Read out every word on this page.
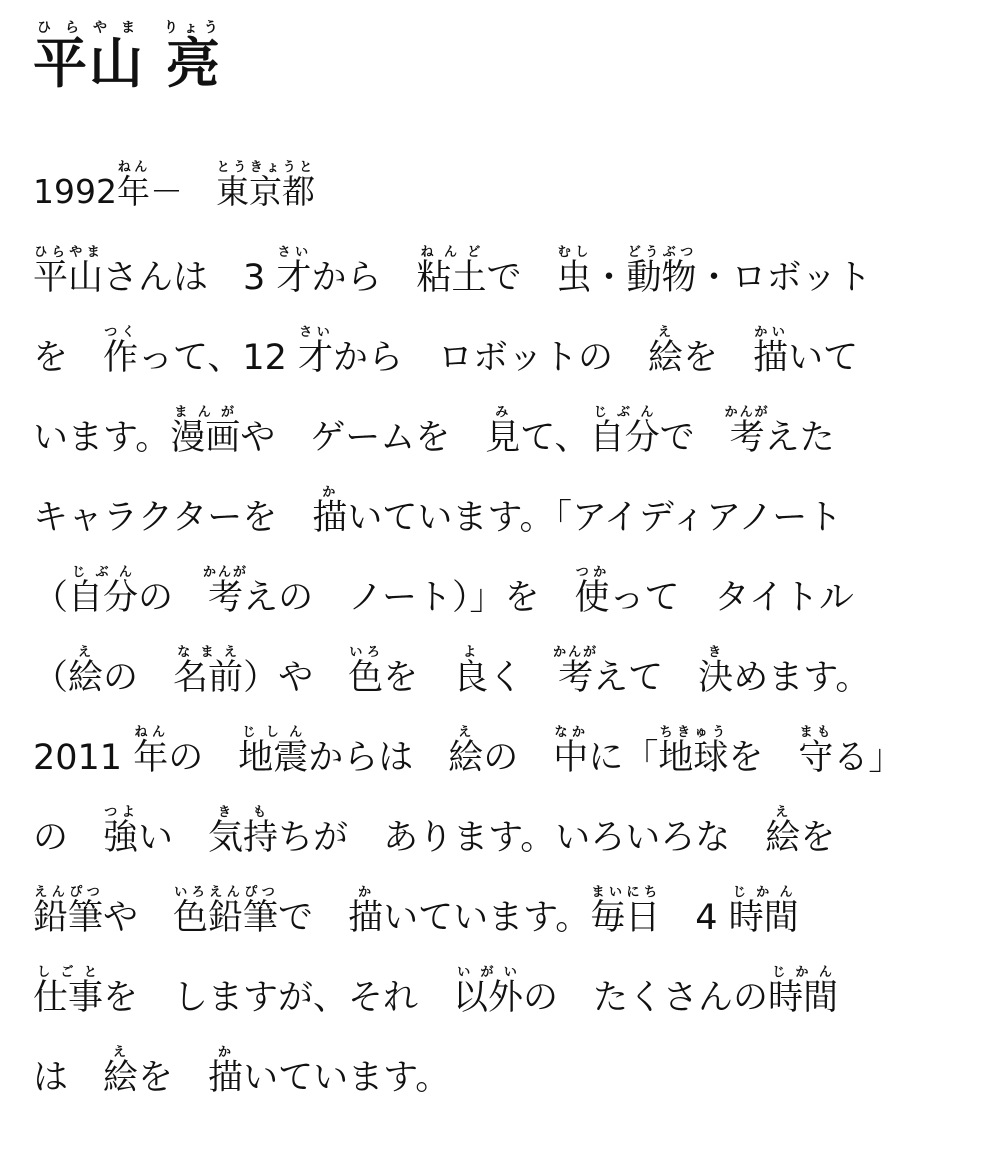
平山ひらやま 亮りょう
1992年ねん－　東京都とうきょうと
平山ひらやまさんは　3 才さいから　粘土ねんどで　虫むし・動物どうぶつ・ロボット
を　作つくって、12 才さいから　ロボットの　絵えを　描かいいて
います。漫画まんがや　ゲームを　見みて、自分じぶんで　考かんがえた
キャラクターを　描かいています。「アイディアノート
（自分じぶんの　考かんがえの　ノート）」を　使つかって　タイトル
（絵えの　名前なまえ）や　色いろを　良よく　考かんがえて　決きめます。
2011 年ねんの　地震じしんからは　絵えの　中なかに「地球ちきゅうを　守まもる」
の　強つよい　気持きもちが　あります。いろいろな　絵えを
鉛筆えんぴつや　色鉛筆いろえんぴつで　描かいています。毎日まいにち　4 時間じかん
仕事しごとを　しますが、それ　以外いがいの　たくさんの時間じかん
は　絵えを　描かいています。
